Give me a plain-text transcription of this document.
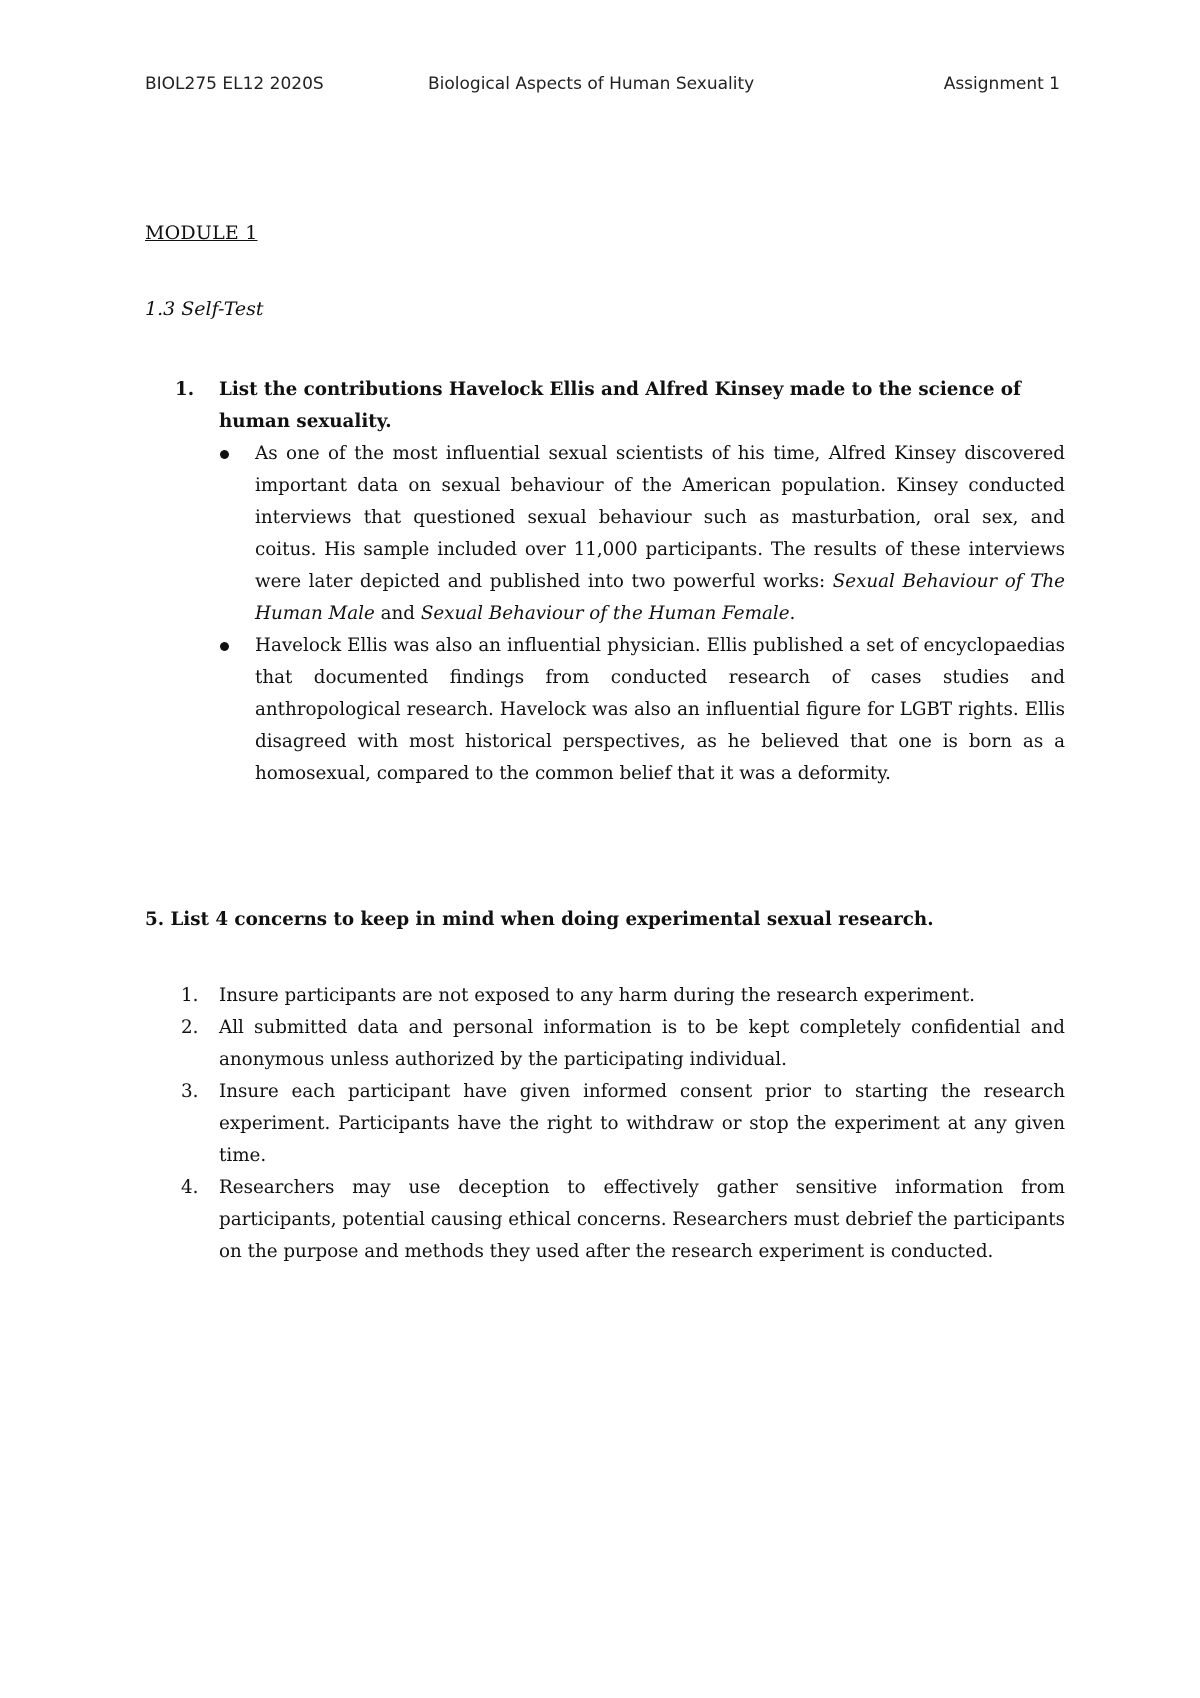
BIOL275 EL12 2020S	Biological Aspects of Human Sexuality	Assignment 1
MODULE 1
1.3 Self-Test
1. List the contributions Havelock Ellis and Alfred Kinsey made to the science of human sexuality.
As one of the most influential sexual scientists of his time, Alfred Kinsey discovered important data on sexual behaviour of the American population. Kinsey conducted interviews that questioned sexual behaviour such as masturbation, oral sex, and coitus. His sample included over 11,000 participants. The results of these interviews were later depicted and published into two powerful works: Sexual Behaviour of The Human Male and Sexual Behaviour of the Human Female.
Havelock Ellis was also an influential physician. Ellis published a set of encyclopaedias that documented findings from conducted research of cases studies and anthropological research. Havelock was also an influential figure for LGBT rights. Ellis disagreed with most historical perspectives, as he believed that one is born as a homosexual, compared to the common belief that it was a deformity.
5. List 4 concerns to keep in mind when doing experimental sexual research.
1. Insure participants are not exposed to any harm during the research experiment.
2. All submitted data and personal information is to be kept completely confidential and anonymous unless authorized by the participating individual.
3. Insure each participant have given informed consent prior to starting the research experiment. Participants have the right to withdraw or stop the experiment at any given time.
4. Researchers may use deception to effectively gather sensitive information from participants, potential causing ethical concerns. Researchers must debrief the participants on the purpose and methods they used after the research experiment is conducted.
